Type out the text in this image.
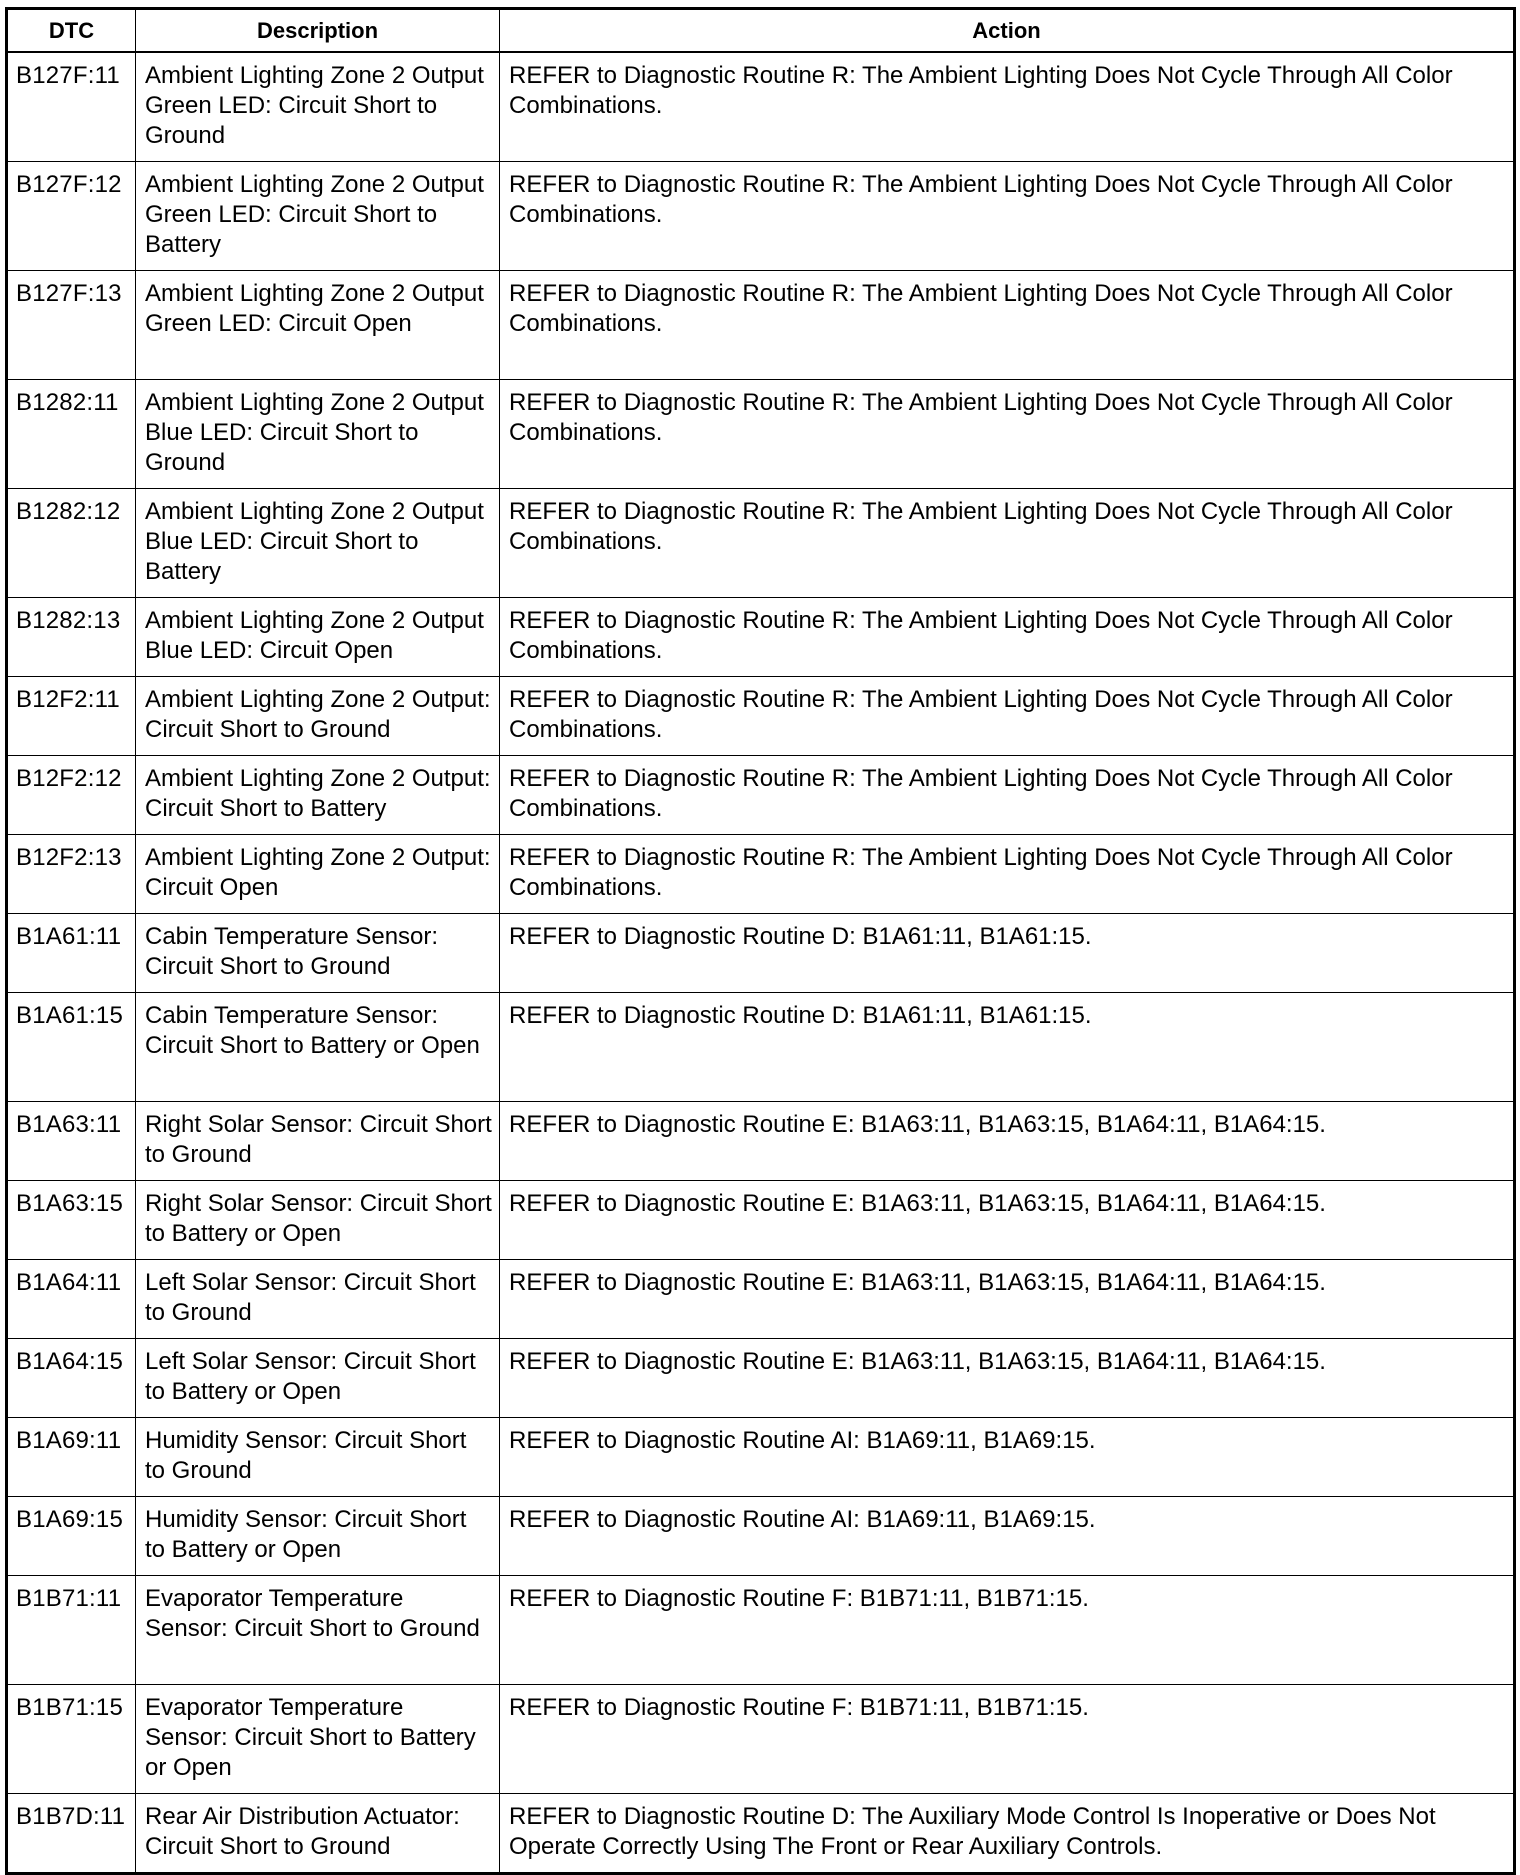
DTC	Description	Action
B127F:11	Ambient Lighting Zone 2 Output Green LED: Circuit Short to Ground	REFER to Diagnostic Routine R: The Ambient Lighting Does Not Cycle Through All Color Combinations.
B127F:12	Ambient Lighting Zone 2 Output Green LED: Circuit Short to Battery	REFER to Diagnostic Routine R: The Ambient Lighting Does Not Cycle Through All Color Combinations.
B127F:13	Ambient Lighting Zone 2 Output Green LED: Circuit Open	REFER to Diagnostic Routine R: The Ambient Lighting Does Not Cycle Through All Color Combinations.
B1282:11	Ambient Lighting Zone 2 Output Blue LED: Circuit Short to Ground	REFER to Diagnostic Routine R: The Ambient Lighting Does Not Cycle Through All Color Combinations.
B1282:12	Ambient Lighting Zone 2 Output Blue LED: Circuit Short to Battery	REFER to Diagnostic Routine R: The Ambient Lighting Does Not Cycle Through All Color Combinations.
B1282:13	Ambient Lighting Zone 2 Output Blue LED: Circuit Open	REFER to Diagnostic Routine R: The Ambient Lighting Does Not Cycle Through All Color Combinations.
B12F2:11	Ambient Lighting Zone 2 Output: Circuit Short to Ground	REFER to Diagnostic Routine R: The Ambient Lighting Does Not Cycle Through All Color Combinations.
B12F2:12	Ambient Lighting Zone 2 Output: Circuit Short to Battery	REFER to Diagnostic Routine R: The Ambient Lighting Does Not Cycle Through All Color Combinations.
B12F2:13	Ambient Lighting Zone 2 Output: Circuit Open	REFER to Diagnostic Routine R: The Ambient Lighting Does Not Cycle Through All Color Combinations.
B1A61:11	Cabin Temperature Sensor: Circuit Short to Ground	REFER to Diagnostic Routine D: B1A61:11, B1A61:15.
B1A61:15	Cabin Temperature Sensor: Circuit Short to Battery or Open	REFER to Diagnostic Routine D: B1A61:11, B1A61:15.
B1A63:11	Right Solar Sensor: Circuit Short to Ground	REFER to Diagnostic Routine E: B1A63:11, B1A63:15, B1A64:11, B1A64:15.
B1A63:15	Right Solar Sensor: Circuit Short to Battery or Open	REFER to Diagnostic Routine E: B1A63:11, B1A63:15, B1A64:11, B1A64:15.
B1A64:11	Left Solar Sensor: Circuit Short to Ground	REFER to Diagnostic Routine E: B1A63:11, B1A63:15, B1A64:11, B1A64:15.
B1A64:15	Left Solar Sensor: Circuit Short to Battery or Open	REFER to Diagnostic Routine E: B1A63:11, B1A63:15, B1A64:11, B1A64:15.
B1A69:11	Humidity Sensor: Circuit Short to Ground	REFER to Diagnostic Routine AI: B1A69:11, B1A69:15.
B1A69:15	Humidity Sensor: Circuit Short to Battery or Open	REFER to Diagnostic Routine AI: B1A69:11, B1A69:15.
B1B71:11	Evaporator Temperature Sensor: Circuit Short to Ground	REFER to Diagnostic Routine F: B1B71:11, B1B71:15.
B1B71:15	Evaporator Temperature Sensor: Circuit Short to Battery or Open	REFER to Diagnostic Routine F: B1B71:11, B1B71:15.
B1B7D:11	Rear Air Distribution Actuator: Circuit Short to Ground	REFER to Diagnostic Routine D: The Auxiliary Mode Control Is Inoperative or Does Not Operate Correctly Using The Front or Rear Auxiliary Controls.
